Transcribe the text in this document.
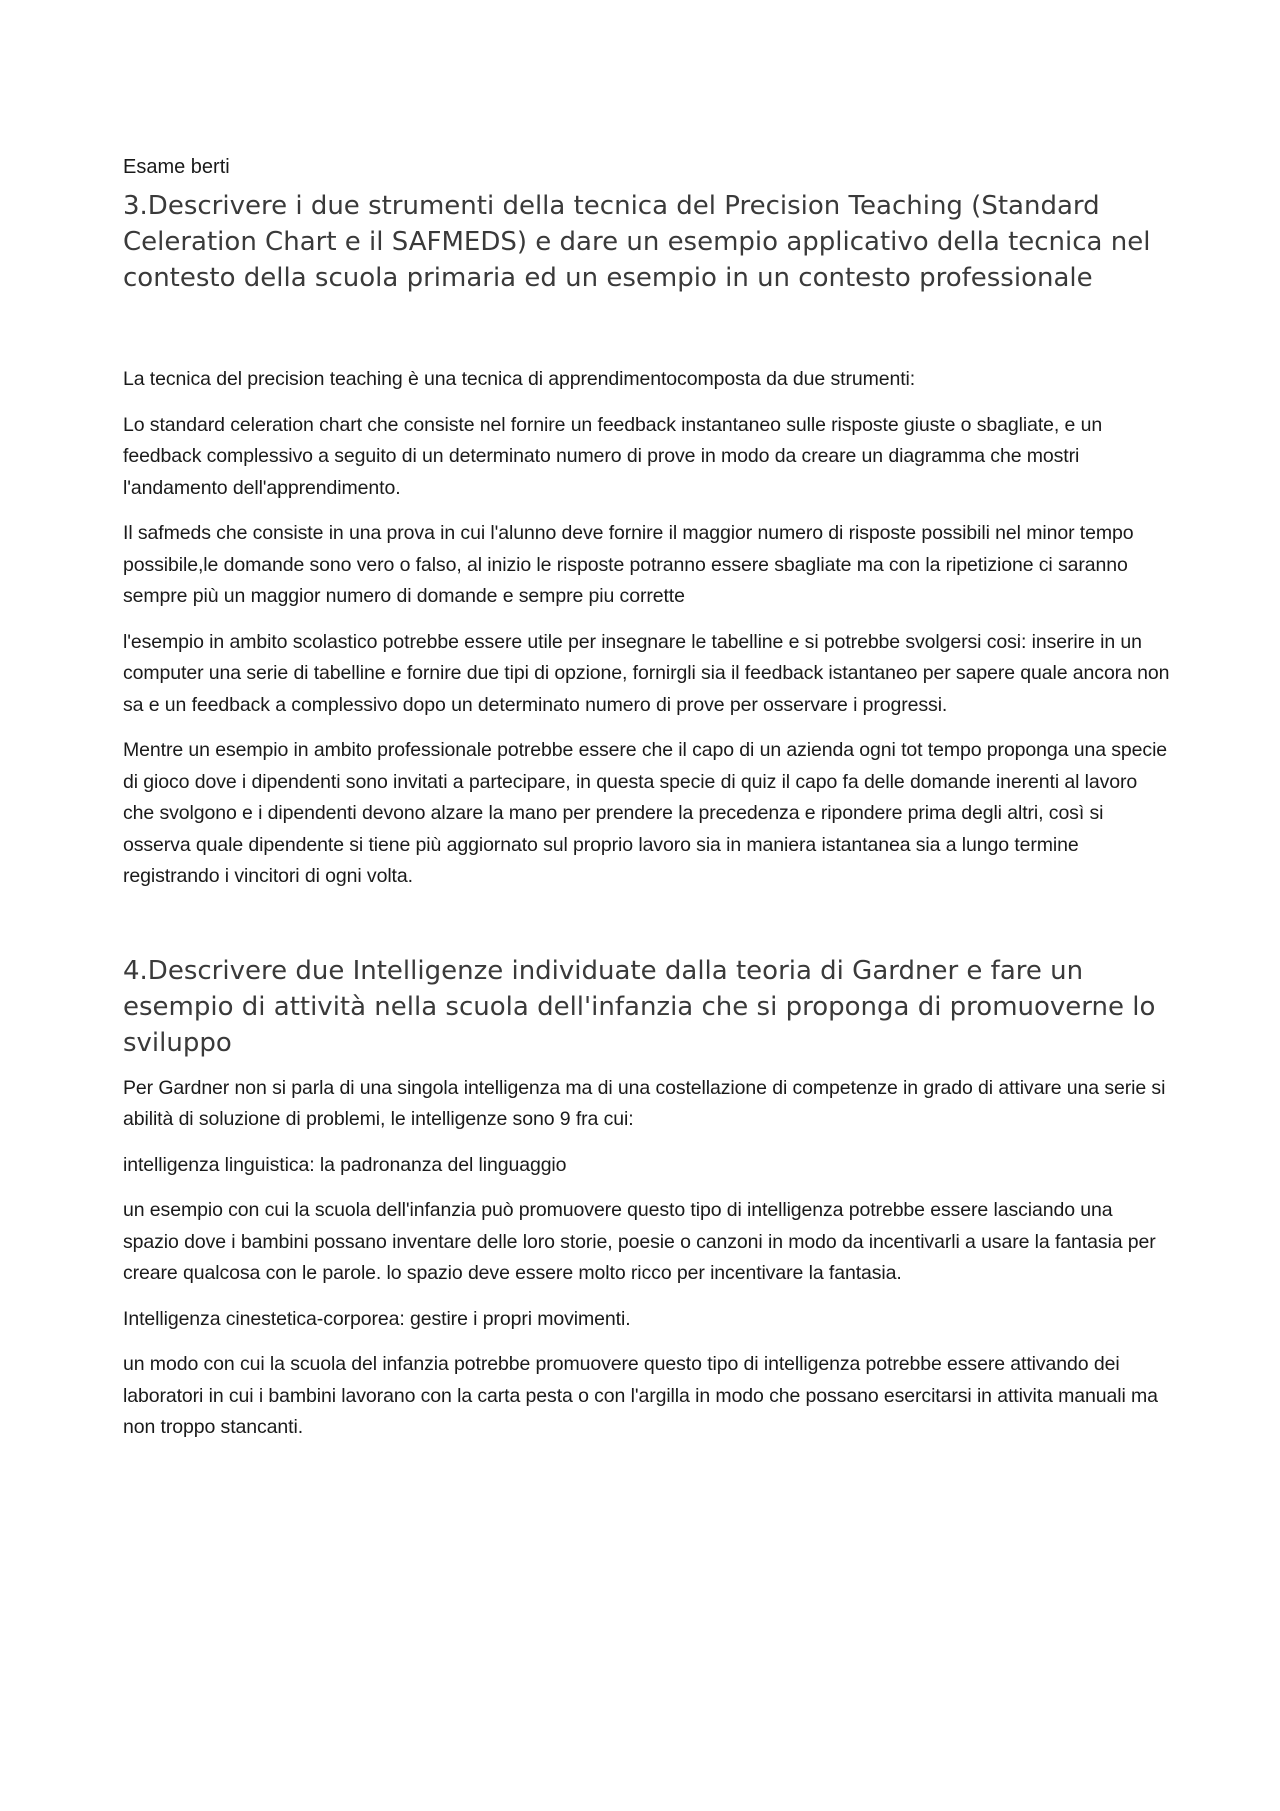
Esame berti
3.Descrivere i due strumenti della tecnica del Precision Teaching (Standard Celeration Chart e il SAFMEDS) e dare un esempio applicativo della tecnica nel contesto della scuola primaria ed un esempio in un contesto professionale

La tecnica del precision teaching è una tecnica di apprendimentocomposta da due strumenti:

Lo standard celeration chart che consiste nel fornire un feedback instantaneo sulle risposte giuste o sbagliate, e un feedback complessivo a seguito di un determinato numero di prove in modo da creare un diagramma che mostri l'andamento dell'apprendimento.

Il safmeds che consiste in una prova in cui l'alunno deve fornire il maggior numero di risposte possibili nel minor tempo possibile,le domande sono vero o falso, al inizio le risposte potranno essere sbagliate ma con la ripetizione ci saranno sempre più un maggior numero di domande e sempre piu corrette

l'esempio in ambito scolastico potrebbe essere utile per insegnare le tabelline e si potrebbe svolgersi cosi: inserire in un computer una serie di tabelline e fornire due tipi di opzione, fornirgli sia il feedback istantaneo per sapere quale ancora non sa e un feedback a complessivo dopo un determinato numero di prove per osservare i progressi.

Mentre un esempio in ambito professionale potrebbe essere che il capo di un azienda ogni tot tempo proponga una specie di gioco dove i dipendenti sono invitati a partecipare, in questa specie di quiz il capo fa delle domande inerenti al lavoro che svolgono e i dipendenti devono alzare la mano per prendere la precedenza e ripondere prima degli altri, così si osserva quale dipendente si tiene più aggiornato sul proprio lavoro sia in maniera istantanea sia a lungo termine registrando i vincitori di ogni volta.

4.Descrivere due Intelligenze individuate dalla teoria di Gardner e fare un esempio di attività nella scuola dell'infanzia che si proponga di promuoverne lo sviluppo

Per Gardner non si parla di una singola intelligenza ma di una costellazione di competenze in grado di attivare una serie si abilità di soluzione di problemi, le intelligenze sono 9 fra cui:

intelligenza linguistica: la padronanza del linguaggio

un esempio con cui la scuola dell'infanzia può promuovere questo tipo di intelligenza potrebbe essere lasciando una spazio dove i bambini possano inventare delle loro storie, poesie o canzoni in modo da incentivarli a usare la fantasia per creare qualcosa con le parole. lo spazio deve essere molto ricco per incentivare la fantasia.

Intelligenza cinestetica-corporea: gestire i propri movimenti.

un modo con cui la scuola del infanzia potrebbe promuovere questo tipo di intelligenza potrebbe essere attivando dei laboratori in cui i bambini lavorano con la carta pesta o con l'argilla in modo che possano esercitarsi in attivita manuali ma non troppo stancanti.
